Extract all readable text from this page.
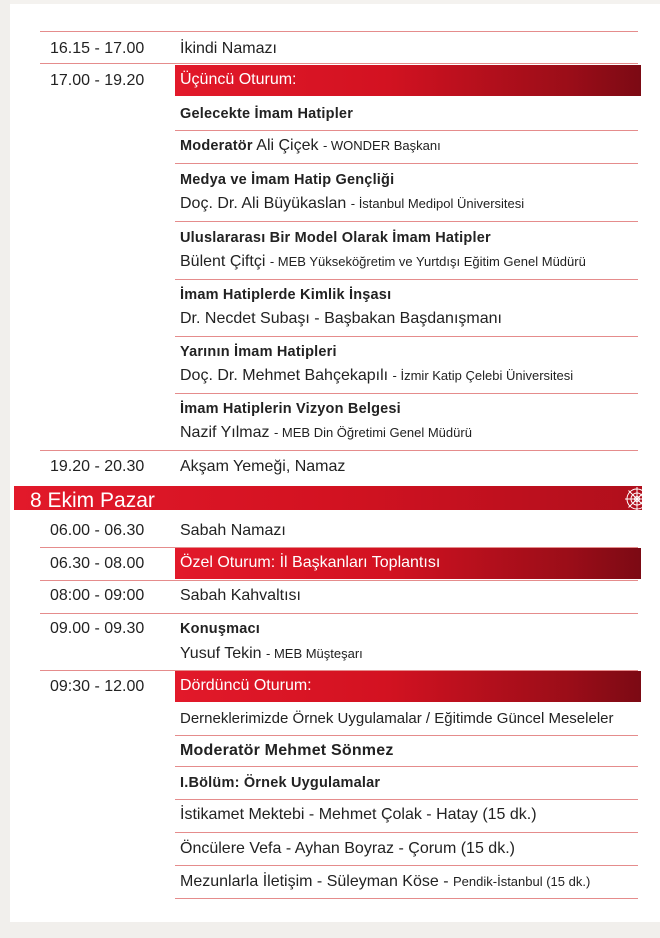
16.15 - 17.00 İkindi Namazı
17.00 - 19.20 Üçüncü Oturum:
Gelecekte İmam Hatipler
Moderatör Ali Çiçek - WONDER Başkanı
Medya ve İmam Hatip Gençliği
Doç. Dr. Ali Büyükaslan - İstanbul Medipol Üniversitesi
Uluslararası Bir Model Olarak İmam Hatipler
Bülent Çiftçi - MEB Yükseköğretim ve Yurtdışı Eğitim Genel Müdürü
İmam Hatiplerde Kimlik İnşası
Dr. Necdet Subaşı - Başbakan Başdanışmanı
Yarının İmam Hatipleri
Doç. Dr. Mehmet Bahçekapılı - İzmir Katip Çelebi Üniversitesi
İmam Hatiplerin Vizyon Belgesi
Nazif Yılmaz - MEB Din Öğretimi Genel Müdürü
19.20 - 20.30 Akşam Yemeği, Namaz
8 Ekim Pazar
06.00 - 06.30 Sabah Namazı
06.30 - 08.00 Özel Oturum: İl Başkanları Toplantısı
08:00 - 09:00 Sabah Kahvaltısı
09.00 - 09.30 Konuşmacı
Yusuf Tekin - MEB Müşteşarı
09:30 - 12.00 Dördüncü Oturum:
Derneklerimizde Örnek Uygulamalar / Eğitimde Güncel Meseleler
Moderatör Mehmet Sönmez
I.Bölüm: Örnek Uygulamalar
İstikamet Mektebi - Mehmet Çolak - Hatay (15 dk.)
Öncülere Vefa - Ayhan Boyraz - Çorum (15 dk.)
Mezunlarla İletişim - Süleyman Köse - Pendik-İstanbul (15 dk.)
